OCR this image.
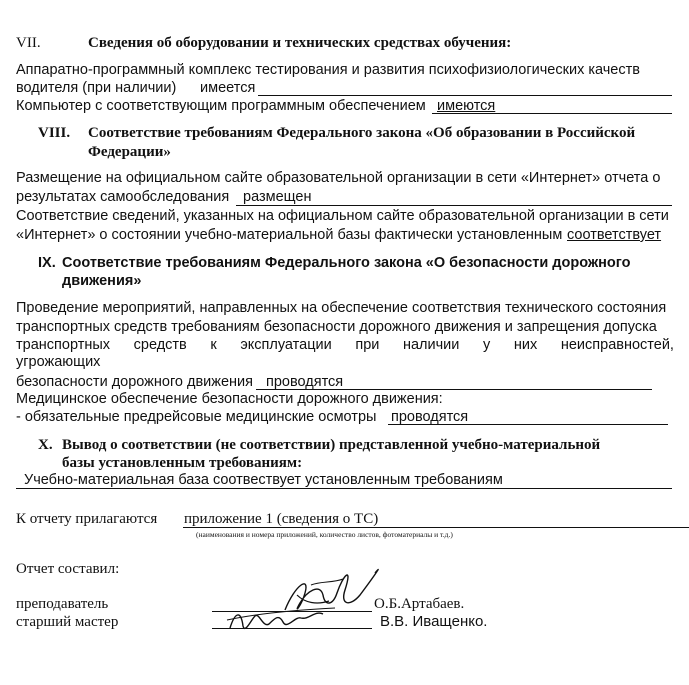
VII.	Сведения об оборудовании и технических средствах обучения:
Аппаратно-программный комплекс тестирования и развития психофизиологических качеств
водителя (при наличии) имеется
Компьютер с соответствующим программным обеспечением имеются
VIII. Соответствие требованиям Федерального закона «Об образовании в Российской
Федерации»
Размещение на официальном сайте образовательной организации в сети «Интернет» отчета о
результатах самообследования размещен
Соответствие сведений, указанных на официальном сайте образовательной организации в сети
«Интернет» о состоянии учебно-материальной базы фактически установленным соответствует
IX. Соответствие требованиям Федерального закона «О безопасности дорожного
движения»
Проведение мероприятий, направленных на обеспечение соответствия технического состояния
транспортных средств требованиям безопасности дорожного движения и запрещения допуска
транспортных средств к эксплуатации при наличии у них неисправностей,
угрожающих
безопасности дорожного движения проводятся
Медицинское обеспечение безопасности дорожного движения:
- обязательные предрейсовые медицинские осмотры проводятся
X. Вывод о соответствии (не соответствии) представленной учебно-материальной
базы установленным требованиям:
Учебно-материальная база соотвествует установленным требованиям
К отчету прилагаются приложение 1 (сведения о ТС)
(наименования и номера приложений, количество листов, фотоматериалы и т.д.)
Отчет составил:
преподаватель
старший мастер
О.Б.Артабаев.
В.В. Иващенко.
